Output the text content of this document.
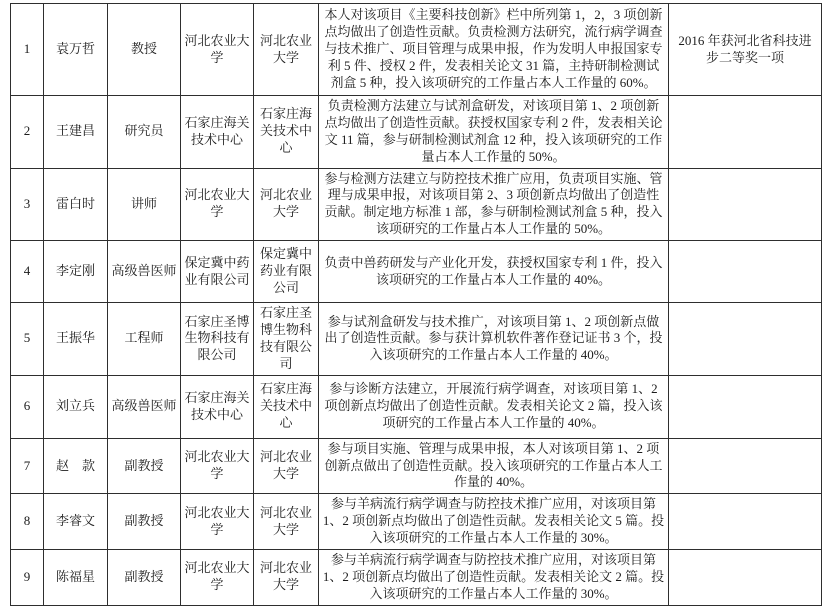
1	袁万哲	教授	河北农业大学	河北农业大学	本人对该项目《主要科技创新》栏中所列第 1，2，3 项创新点均做出了创造性贡献。负责检测方法研究，流行病学调查与技术推广、项目管理与成果申报，作为发明人申报国家专利 5 件、授权 2 件，发表相关论文 31 篇，主持研制检测试剂盒 5 种，投入该项研究的工作量占本人工作量的 60%。	2016 年获河北省科技进步二等奖一项
2	王建昌	研究员	石家庄海关技术中心	石家庄海关技术中心	负责检测方法建立与试剂盒研发，对该项目第 1、2 项创新点均做出了创造性贡献。获授权国家专利 2 件，发表相关论文 11 篇，参与研制检测试剂盒 12 种，投入该项研究的工作量占本人工作量的 50%。	
3	雷白时	讲师	河北农业大学	河北农业大学	参与检测方法建立与防控技术推广应用，负责项目实施、管理与成果申报，对该项目第 2、3 项创新点均做出了创造性贡献。制定地方标准 1 部，参与研制检测试剂盒 5 种，投入该项研究的工作量占本人工作量的 50%。	
4	李定刚	高级兽医师	保定冀中药业有限公司	保定冀中药业有限公司	负责中兽药研发与产业化开发，获授权国家专利 1 件，投入该项研究的工作量占本人工作量的 40%。	
5	王振华	工程师	石家庄圣博生物科技有限公司	石家庄圣博生物科技有限公司	参与试剂盒研发与技术推广，对该项目第 1、2 项创新点做出了创造性贡献。参与获计算机软件著作登记证书 3 个，投入该项研究的工作量占本人工作量的 40%。	
6	刘立兵	高级兽医师	石家庄海关技术中心	石家庄海关技术中心	参与诊断方法建立，开展流行病学调查，对该项目第 1、2 项创新点均做出了创造性贡献。发表相关论文 2 篇，投入该项研究的工作量占本人工作量的 40%。	
7	赵　款	副教授	河北农业大学	河北农业大学	参与项目实施、管理与成果申报，本人对该项目第 1、2 项创新点做出了创造性贡献。投入该项研究的工作量占本人工作量的 40%。	
8	李睿文	副教授	河北农业大学	河北农业大学	参与羊病流行病学调查与防控技术推广应用，对该项目第 1、2 项创新点均做出了创造性贡献。发表相关论文 5 篇。投入该项研究的工作量占本人工作量的 30%。	
9	陈福星	副教授	河北农业大学	河北农业大学	参与羊病流行病学调查与防控技术推广应用，对该项目第 1、2 项创新点均做出了创造性贡献。发表相关论文 2 篇。投入该项研究的工作量占本人工作量的 30%。	
